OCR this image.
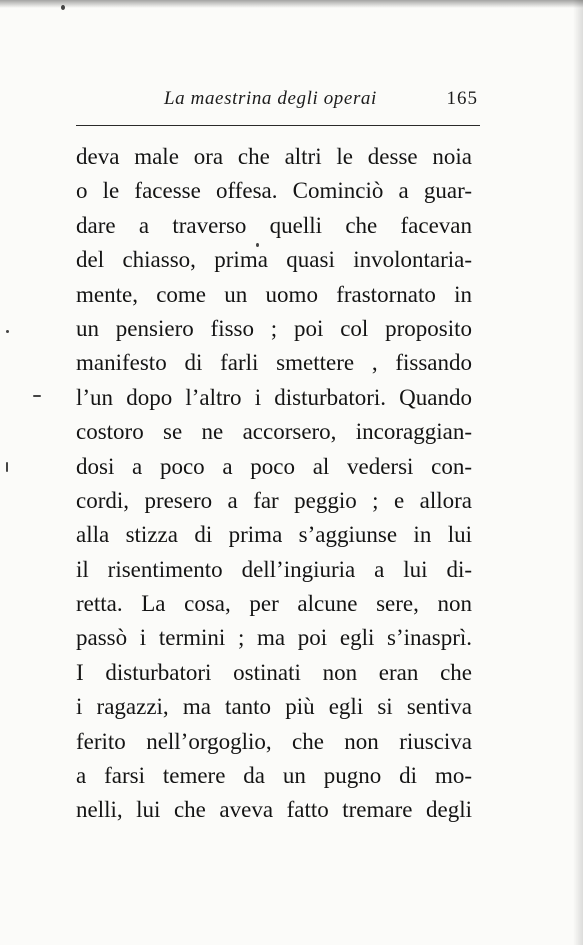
La maestrina degli operai	165
deva male ora che altri le desse noia
o le facesse offesa. Cominciò a guar-
dare a traverso quelli che facevan
del chiasso, prima quasi involontaria-
mente, come un uomo frastornato in
un pensiero fisso ; poi col proposito
manifesto di farli smettere , fissando
l’un dopo l’altro i disturbatori. Quando
costoro se ne accorsero, incoraggian-
dosi a poco a poco al vedersi con-
cordi, presero a far peggio ; e allora
alla stizza di prima s’aggiunse in lui
il risentimento dell’ingiuria a lui di-
retta. La cosa, per alcune sere, non
passò i termini ; ma poi egli s’inasprì.
I disturbatori ostinati non eran che
i ragazzi, ma tanto più egli si sentiva
ferito nell’orgoglio, che non riusciva
a farsi temere da un pugno di mo-
nelli, lui che aveva fatto tremare degli
